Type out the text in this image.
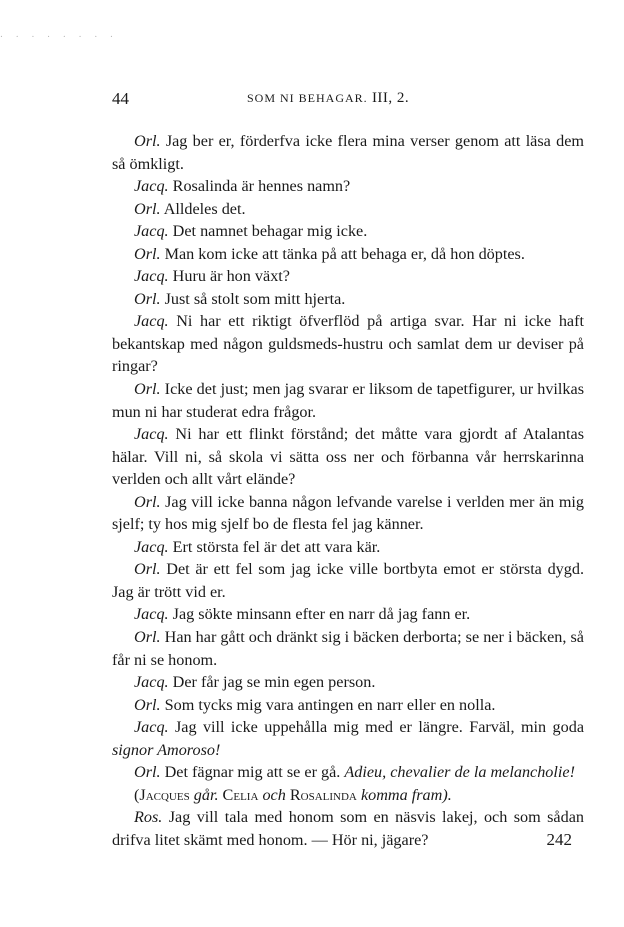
. . . . . . . .
44	SOM NI BEHAGAR. III, 2.

Orl. Jag ber er, förderfva icke flera mina verser genom att läsa dem så ömkligt.

Jacq. Rosalinda är hennes namn?

Orl. Alldeles det.

Jacq. Det namnet behagar mig icke.

Orl. Man kom icke att tänka på att behaga er, då hon döptes.

Jacq. Huru är hon växt?

Orl. Just så stolt som mitt hjerta.

Jacq. Ni har ett riktigt öfverflöd på artiga svar. Har ni icke haft bekantskap med någon guldsmeds-hustru och samlat dem ur deviser på ringar?

Orl. Icke det just; men jag svarar er liksom de tapetfigurer, ur hvilkas mun ni har studerat edra frågor.

Jacq. Ni har ett flinkt förstånd; det måtte vara gjordt af Atalantas hälar. Vill ni, så skola vi sätta oss ner och förbanna vår herrskarinna verlden och allt vårt elände?

Orl. Jag vill icke banna någon lefvande varelse i verlden mer än mig sjelf; ty hos mig sjelf bo de flesta fel jag känner.

Jacq. Ert största fel är det att vara kär.

Orl. Det är ett fel som jag icke ville bortbyta emot er största dygd. Jag är trött vid er.

Jacq. Jag sökte minsann efter en narr då jag fann er.

Orl. Han har gått och dränkt sig i bäcken derborta; se ner i bäcken, så får ni se honom.

Jacq. Der får jag se min egen person.

Orl. Som tycks mig vara antingen en narr eller en nolla.

Jacq. Jag vill icke uppehålla mig med er längre. Farväl, min goda signor Amoroso!

Orl. Det fägnar mig att se er gå. Adieu, chevalier de la melancholie!

(Jacques går. Celia och Rosalinda komma fram).

Ros. Jag vill tala med honom som en näsvis lakej, och som sådan drifva litet skämt med honom. — Hör ni, jägare?	242
